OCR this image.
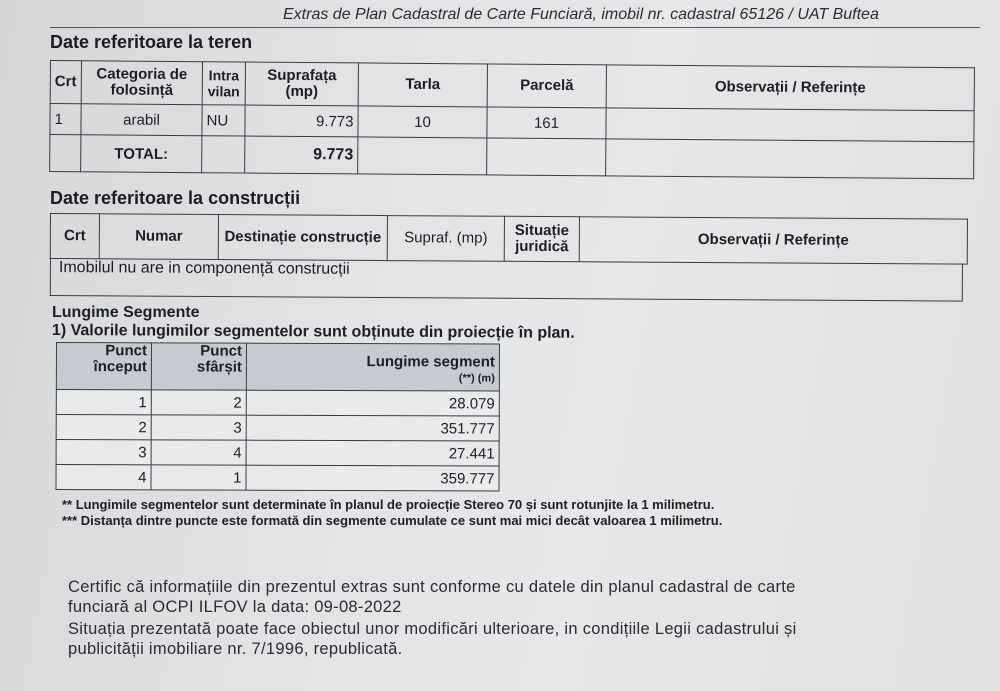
Extras de Plan Cadastral de Carte Funciară, imobil nr. cadastral 65126 / UAT Buftea
Date referitoare la teren
Crt	Categoria de folosință	Intra vilan	Suprafața (mp)	Tarla	Parcelă	Observații / Referințe
1	arabil	NU	9.773	10	161	
	TOTAL:		9.773			
Date referitoare la construcții
Crt	Numar	Destinație construcție	Supraf. (mp)	Situație juridică	Observații / Referințe
Imobilul nu are in componență construcții
Lungime Segmente
1) Valorile lungimilor segmentelor sunt obținute din proiecție în plan.
Punct început	Punct sfârșit	Lungime segment
(**) (m)

1	2	28.079
2	3	351.777
3	4	27.441
4	1	359.777
** Lungimile segmentelor sunt determinate în planul de proiecție Stereo 70 și sunt rotunjite la 1 milimetru.
*** Distanța dintre puncte este formată din segmente cumulate ce sunt mai mici decât valoarea 1 milimetru.
Certific că informațiile din prezentul extras sunt conforme cu datele din planul cadastral de carte
funciară al OCPI ILFOV la data: 09-08-2022
Situația prezentată poate face obiectul unor modificări ulterioare, in condițiile Legii cadastrului și
publicității imobiliare nr. 7/1996, republicată.
